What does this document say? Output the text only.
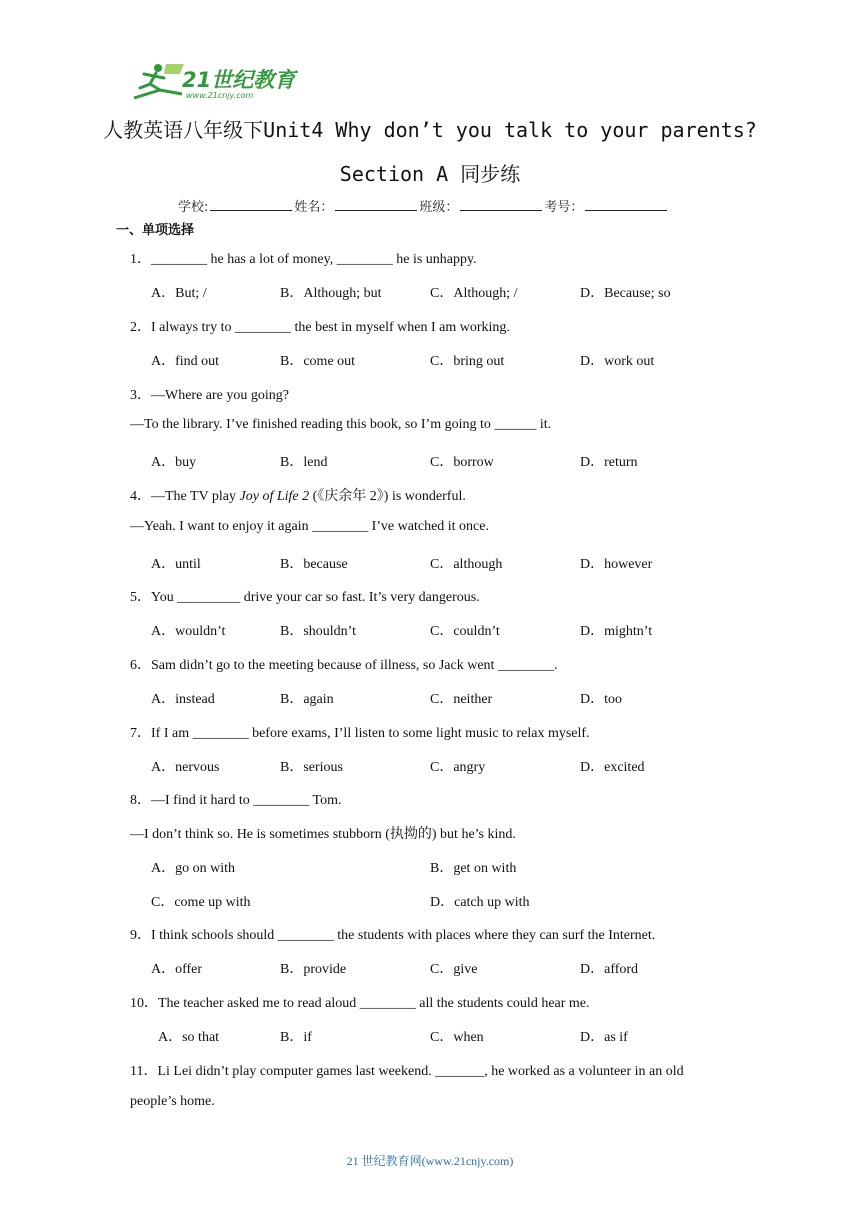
21世纪教育
www.21cnjy.com
人教英语八年级下Unit4 Why don’t you talk to your parents?
Section A 同步练
学校:	姓名：	班级：	考号：
一、单项选择
1．________ he has a lot of money, ________ he is unhappy.
A．But; /	B．Although; but	C．Although; /	D．Because; so
2．I always try to ________ the best in myself when I am working.
A．find out	B．come out	C．bring out	D．work out
3．—Where are you going?
—To the library. I’ve finished reading this book, so I’m going to ______ it.
A．buy	B．lend	C．borrow	D．return
4．—The TV play Joy of Life 2 (《庆余年 2》) is wonderful.
—Yeah. I want to enjoy it again ________ I’ve watched it once.
A．until	B．because	C．although	D．however
5．You _________ drive your car so fast. It’s very dangerous.
A．wouldn’t	B．shouldn’t	C．couldn’t	D．mightn’t
6．Sam didn’t go to the meeting because of illness, so Jack went ________.
A．instead	B．again	C．neither	D．too
7．If I am ________ before exams, I’ll listen to some light music to relax myself.
A．nervous	B．serious	C．angry	D．excited
8．—I find it hard to ________ Tom.
—I don’t think so. He is sometimes stubborn (执拗的) but he’s kind.
A．go on with	B．get on with
C．come up with	D．catch up with
9．I think schools should ________ the students with places where they can surf the Internet.
A．offer	B．provide	C．give	D．afford
10．The teacher asked me to read aloud ________ all the students could hear me.
A．so that	B．if	C．when	D．as if
11．Li Lei didn’t play computer games last weekend. _______, he worked as a volunteer in an old
people’s home.
21 世纪教育网(www.21cnjy.com)
